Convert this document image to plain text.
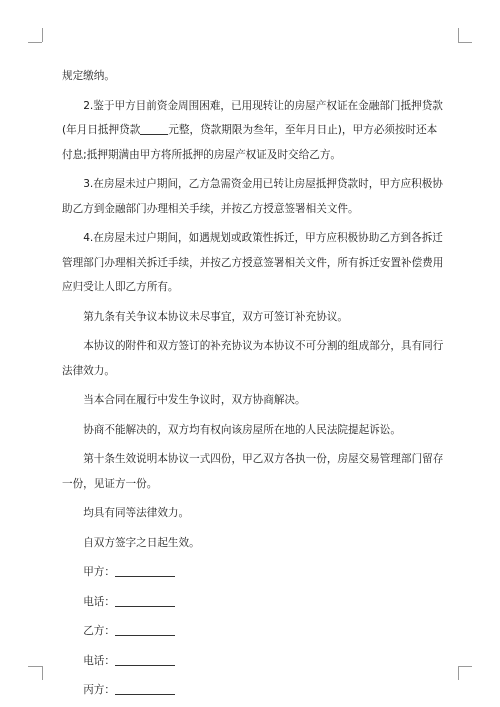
规定缴纳。

2.鉴于甲方目前资金周围困难，已用现转让的房屋产权证在金融部门抵押贷款(年月日抵押贷款	元整，贷款期限为叁年，至年月日止)，甲方必须按时还本付息;抵押期满由甲方将所抵押的房屋产权证及时交给乙方。

3.在房屋未过户期间，乙方急需资金用已转让房屋抵押贷款时，甲方应积极协助乙方到金融部门办理相关手续，并按乙方授意签署相关文件。

4.在房屋未过户期间，如遇规划或政策性拆迁，甲方应积极协助乙方到各拆迁管理部门办理相关拆迁手续，并按乙方授意签署相关文件，所有拆迁安置补偿费用应归受让人即乙方所有。

第九条有关争议本协议未尽事宜，双方可签订补充协议。

本协议的附件和双方签订的补充协议为本协议不可分割的组成部分，具有同行法律效力。

当本合同在履行中发生争议时，双方协商解决。

协商不能解决的，双方均有权向该房屋所在地的人民法院提起诉讼。

第十条生效说明本协议一式四份，甲乙双方各执一份，房屋交易管理部门留存一份，见证方一份。

均具有同等法律效力。

自双方签字之日起生效。

甲方：

电话：

乙方：

电话：

丙方：
